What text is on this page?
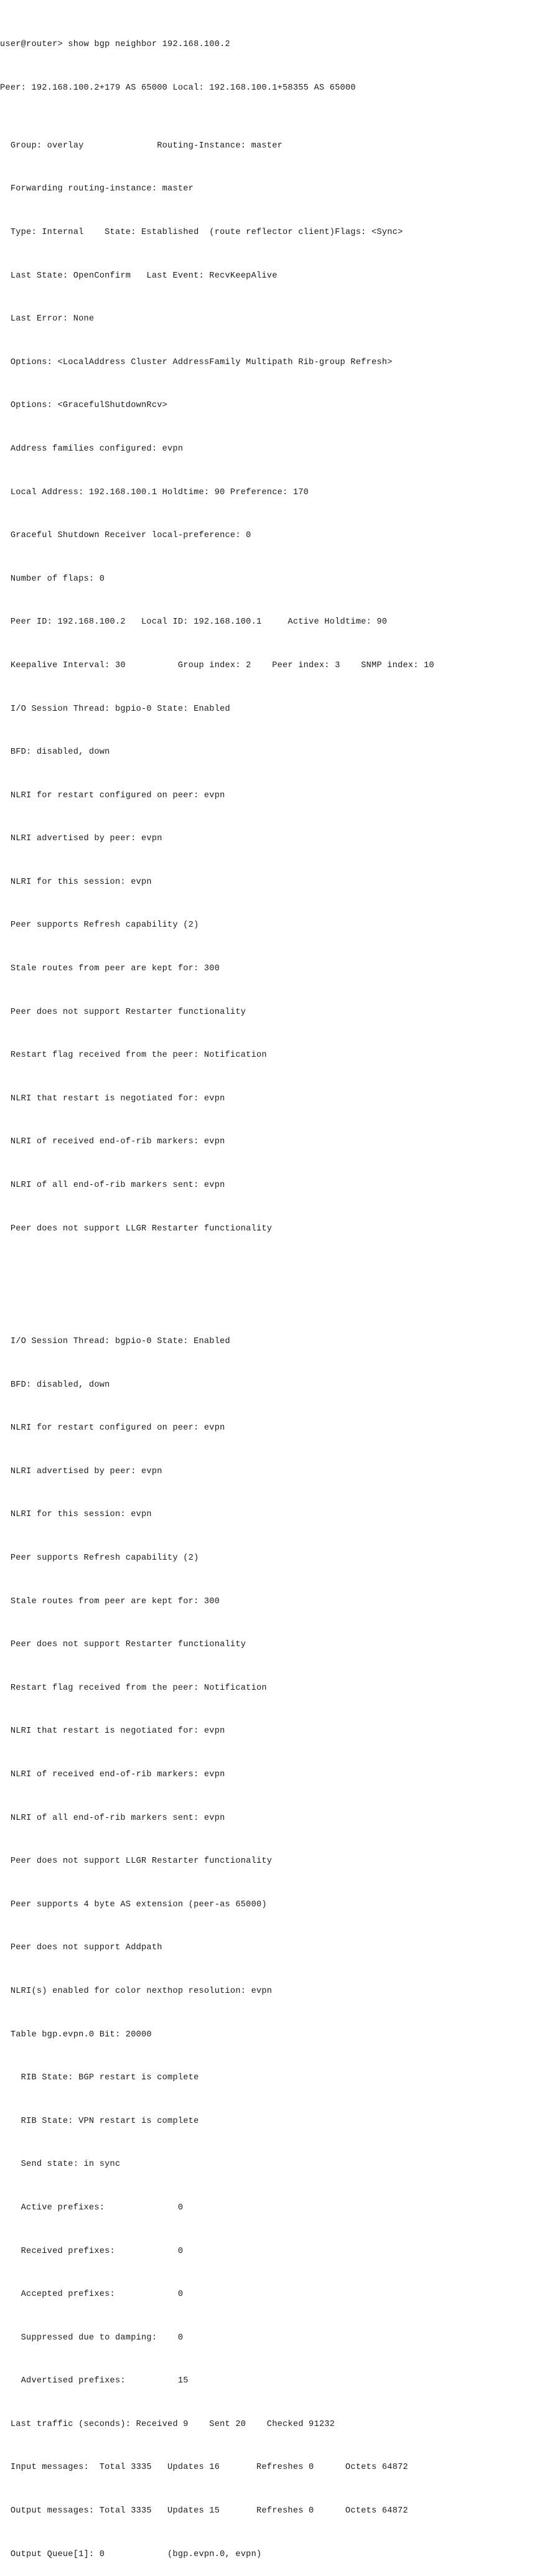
user@router> show bgp neighbor 192.168.100.2

Peer: 192.168.100.2+179 AS 65000 Local: 192.168.100.1+58355 AS 65000

Group: overlay              Routing-Instance: master

Forwarding routing-instance: master

Type: Internal    State: Established  (route reflector client)Flags: <Sync>

Last State: OpenConfirm   Last Event: RecvKeepAlive

Last Error: None

Options: <LocalAddress Cluster AddressFamily Multipath Rib-group Refresh>

Options: <GracefulShutdownRcv>

Address families configured: evpn

Local Address: 192.168.100.1 Holdtime: 90 Preference: 170

Graceful Shutdown Receiver local-preference: 0

Number of flaps: 0

Peer ID: 192.168.100.2   Local ID: 192.168.100.1     Active Holdtime: 90

Keepalive Interval: 30          Group index: 2    Peer index: 3    SNMP index: 10

I/O Session Thread: bgpio-0 State: Enabled

BFD: disabled, down

NLRI for restart configured on peer: evpn

NLRI advertised by peer: evpn

NLRI for this session: evpn

Peer supports Refresh capability (2)

Stale routes from peer are kept for: 300

Peer does not support Restarter functionality

Restart flag received from the peer: Notification

NLRI that restart is negotiated for: evpn

NLRI of received end-of-rib markers: evpn

NLRI of all end-of-rib markers sent: evpn

Peer does not support LLGR Restarter functionality

I/O Session Thread: bgpio-0 State: Enabled

BFD: disabled, down

NLRI for restart configured on peer: evpn

NLRI advertised by peer: evpn

NLRI for this session: evpn

Peer supports Refresh capability (2)

Stale routes from peer are kept for: 300

Peer does not support Restarter functionality

Restart flag received from the peer: Notification

NLRI that restart is negotiated for: evpn

NLRI of received end-of-rib markers: evpn

NLRI of all end-of-rib markers sent: evpn

Peer does not support LLGR Restarter functionality

Peer supports 4 byte AS extension (peer-as 65000)

Peer does not support Addpath

NLRI(s) enabled for color nexthop resolution: evpn

Table bgp.evpn.0 Bit: 20000

RIB State: BGP restart is complete

RIB State: VPN restart is complete

Send state: in sync

Active prefixes:              0

Received prefixes:            0

Accepted prefixes:            0

Suppressed due to damping:    0

Advertised prefixes:          15

Last traffic (seconds): Received 9    Sent 20    Checked 91232

Input messages:  Total 3335   Updates 16       Refreshes 0      Octets 64872

Output messages: Total 3335   Updates 15       Refreshes 0      Octets 64872

Output Queue[1]: 0            (bgp.evpn.0, evpn)
